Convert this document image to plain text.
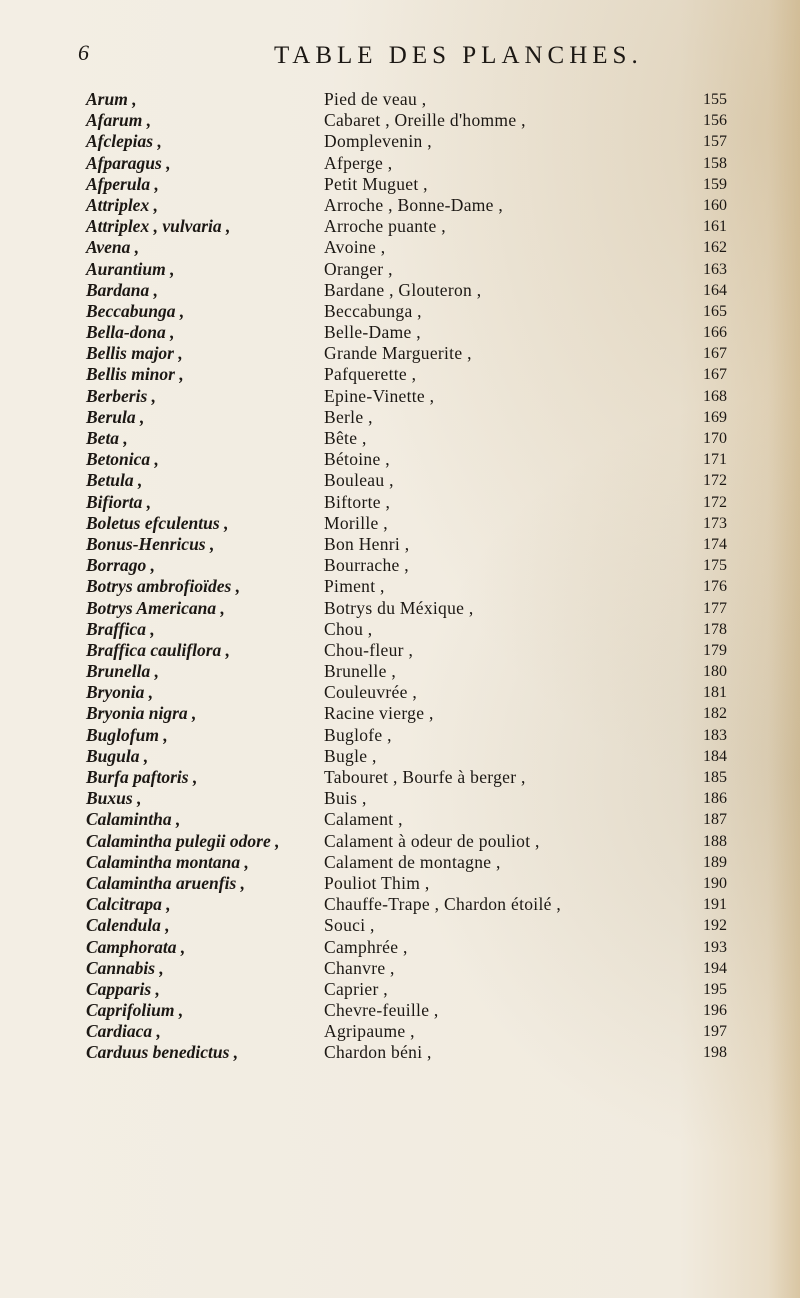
6	TABLE DES PLANCHES.
Arum ,	Pied de veau ,	155
Afarum ,	Cabaret , Oreille d'homme ,	156
Afclepias ,	Domplevenin ,	157
Afparagus ,	Afperge ,	158
Afperula ,	Petit Muguet ,	159
Attriplex ,	Arroche , Bonne-Dame ,	160
Attriplex , vulvaria ,	Arroche puante ,	161
Avena ,	Avoine ,	162
Aurantium ,	Oranger ,	163
Bardana ,	Bardane , Glouteron ,	164
Beccabunga ,	Beccabunga ,	165
Bella-dona ,	Belle-Dame ,	166
Bellis major ,	Grande Marguerite ,	167
Bellis minor ,	Pafquerette ,	167
Berberis ,	Epine-Vinette ,	168
Berula ,	Berle ,	169
Beta ,	Bête ,	170
Betonica ,	Bétoine ,	171
Betula ,	Bouleau ,	172
Bifiorta ,	Biftorte ,	172
Boletus efculentus ,	Morille ,	173
Bonus-Henricus ,	Bon Henri ,	174
Borrago ,	Bourrache ,	175
Botrys ambrofioïdes ,	Piment ,	176
Botrys Americana ,	Botrys du Méxique ,	177
Braffica ,	Chou ,	178
Braffica cauliflora ,	Chou-fleur ,	179
Brunella ,	Brunelle ,	180
Bryonia ,	Couleuvrée ,	181
Bryonia nigra ,	Racine vierge ,	182
Buglofum ,	Buglofe ,	183
Bugula ,	Bugle ,	184
Burfa paftoris ,	Tabouret , Bourfe à berger ,	185
Buxus ,	Buis ,	186
Calamintha ,	Calament ,	187
Calamintha pulegii odore ,	Calament à odeur de pouliot ,	188
Calamintha montana ,	Calament de montagne ,	189
Calamintha aruenfis ,	Pouliot Thim ,	190
Calcitrapa ,	Chauffe-Trape , Chardon étoilé ,	191
Calendula ,	Souci ,	192
Camphorata ,	Camphrée ,	193
Cannabis ,	Chanvre ,	194
Capparis ,	Caprier ,	195
Caprifolium ,	Chevre-feuille ,	196
Cardiaca ,	Agripaume ,	197
Carduus benedictus ,	Chardon béni ,	198
